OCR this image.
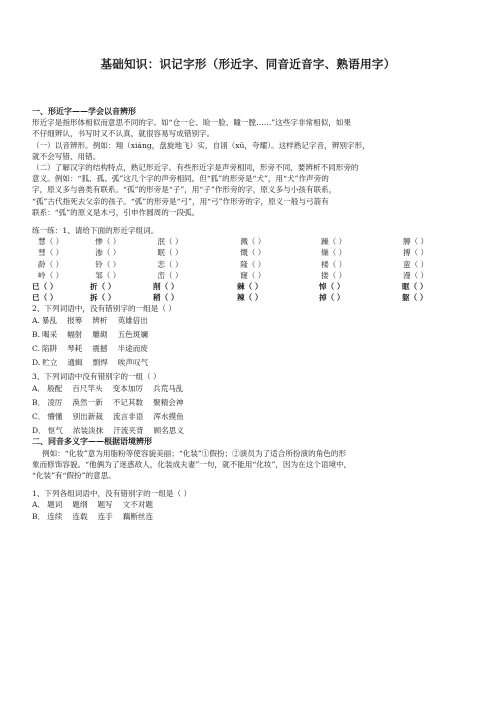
基础知识：识记字形（形近字、同音近音字、熟语用字）

一、形近字——学会以音辨形

形近字是指形体相似而意思不同的字。如“仓一仑、睑一脸、瞳一膛……”这些字非常相似，如果

不仔细辨认，书写时又不认真，就很容易写成错别字。

（一）以音辨形。例如：翔（xiáng，盘旋地飞）实，自诩（xǔ，夸耀）。这样熟记字音，辨别字形，

就不会写错、用错。

（二）了解汉字的结构特点，熟记形近字。有些形近字是声旁相同，形旁不同，要辨析不同形旁的

意义。例如：“狐、孤、弧”这几个字的声旁相同。但“狐”的形旁是“犬”，用“犬”作声旁的

字，原义多与兽类有联系。“孤”的形旁是“子”，用“子”作形旁的字，原义多与小孩有联系，

“孤”古代指死去父亲的孩子。“弧”的形旁是“弓”，用“弓”作形旁的字，原义一般与弓箭有

联系：“弧”的原义是木弓，引申作圆周的一段弧。

练一练：1、请给下面的形近字组词。

慧（ ）	惨（ ）	泯（ ）	溅（ ）	躁（ ）	膊（ ）
彗（ ）	渗（ ）	眠（ ）	慨（ ）	燥（ ）	搏（ ）
龄（ ）	铃（ ）	恋（ ）	隆（ ）	楼（ ）	蛮（ ）
岭（ ）	邹（ ）	峦（ ）	窿（ ）	搂（ ）	漫（ ）
已（ ）	折（ ）	削（ ）	棘（ ）	悼（ ）	眶（ ）
已（ ）	拆（ ）	稍（ ）	辣（ ）	掉（ ）	躯（ ）

2、下列词语中，没有错别字的一组是（ ）

A. 暴乱 报筹 辨析 英雄倍出
B. 喝采 幅射 雕砌 五色斑斓
C. 陷阱 琴耗 震撼 半途而废
D. 贮立 通辑 剽悍 唉声叹气

3、下列词语中没有错别字的一组（ ）

A． 般配 百尺竿头 变本加厉 兵荒马乱
B． 凌厉 涣然一新 不记其数 聚精会神
C． 懵懂 别出新裁 流言非语 浑水摸鱼
D． 怄气 浓装淡抹 汗流夹背 顾名思义

二、同音多义字——根据语境辨形

例如：“化妆”意为用脂粉等使容貌美丽；“化装”①假扮；②演员为了适合所扮演的角色的形

象而修饰容貌。“他俩为了迷惑敌人，化装成夫妻”一句，就不能用“化妆”，因为在这个语境中，

“化装”有“假扮”的意思。

1、下列各组词语中，没有错别字的一组是（ ）

A． 题词 题纲 题写 文不对题
B． 连续 连载 连手 藕断丝连
